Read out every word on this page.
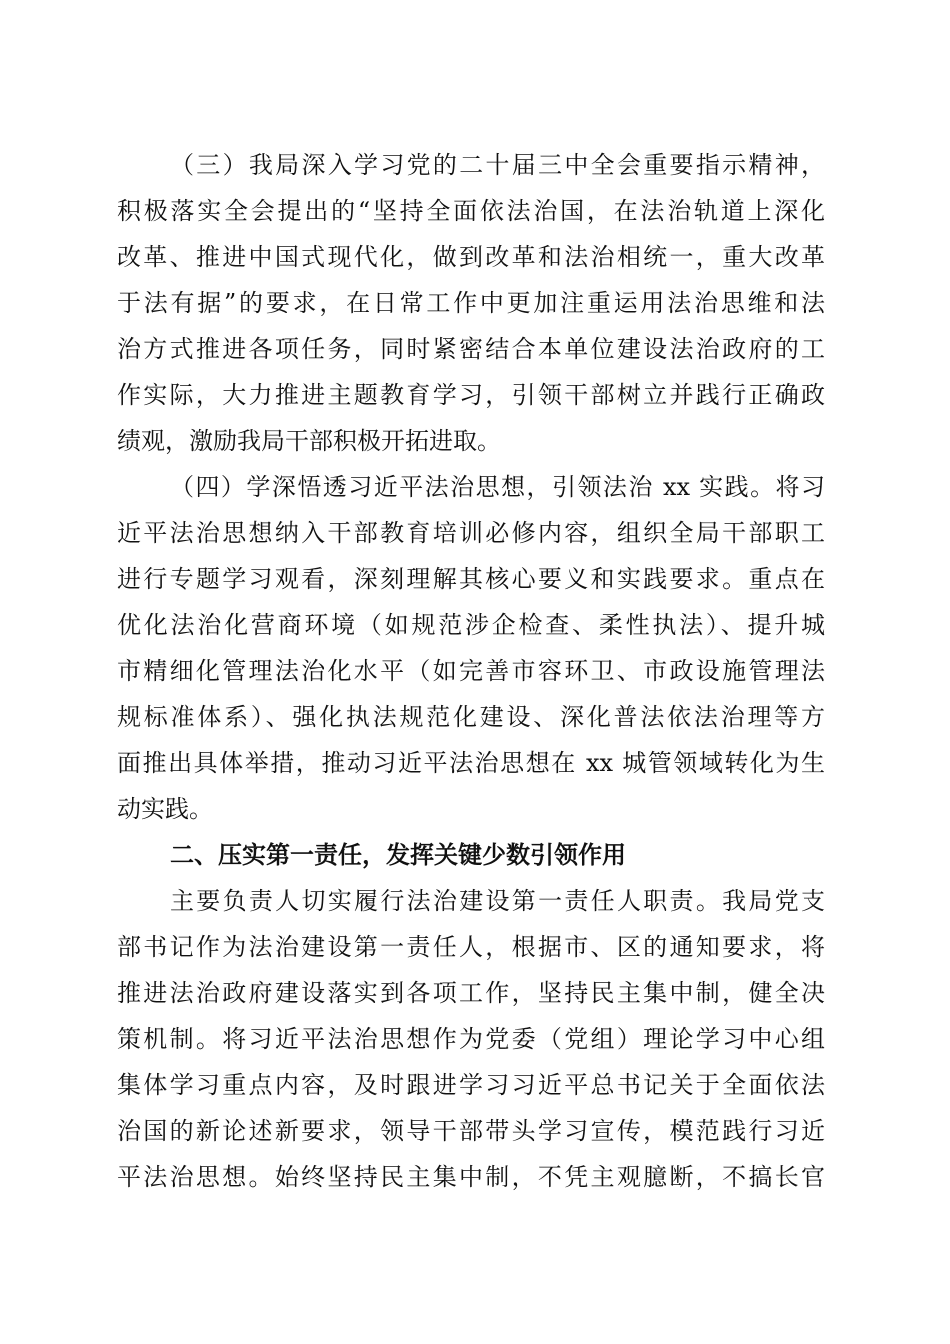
（三）我局深入学习党的二十届三中全会重要指示精神，
积极落实全会提出的“坚持全面依法治国，在法治轨道上深化
改革、推进中国式现代化，做到改革和法治相统一，重大改革
于法有据”的要求，在日常工作中更加注重运用法治思维和法
治方式推进各项任务，同时紧密结合本单位建设法治政府的工
作实际，大力推进主题教育学习，引领干部树立并践行正确政
绩观，激励我局干部积极开拓进取。
（四）学深悟透习近平法治思想，引领法治 xx 实践。将习
近平法治思想纳入干部教育培训必修内容，组织全局干部职工
进行专题学习观看，深刻理解其核心要义和实践要求。重点在
优化法治化营商环境（如规范涉企检查、柔性执法）、提升城
市精细化管理法治化水平（如完善市容环卫、市政设施管理法
规标准体系）、强化执法规范化建设、深化普法依法治理等方
面推出具体举措，推动习近平法治思想在 xx 城管领域转化为生
动实践。
二、压实第一责任，发挥关键少数引领作用
主要负责人切实履行法治建设第一责任人职责。我局党支
部书记作为法治建设第一责任人，根据市、区的通知要求，将
推进法治政府建设落实到各项工作，坚持民主集中制，健全决
策机制。将习近平法治思想作为党委（党组）理论学习中心组
集体学习重点内容，及时跟进学习习近平总书记关于全面依法
治国的新论述新要求，领导干部带头学习宣传，模范践行习近
平法治思想。始终坚持民主集中制，不凭主观臆断，不搞长官
